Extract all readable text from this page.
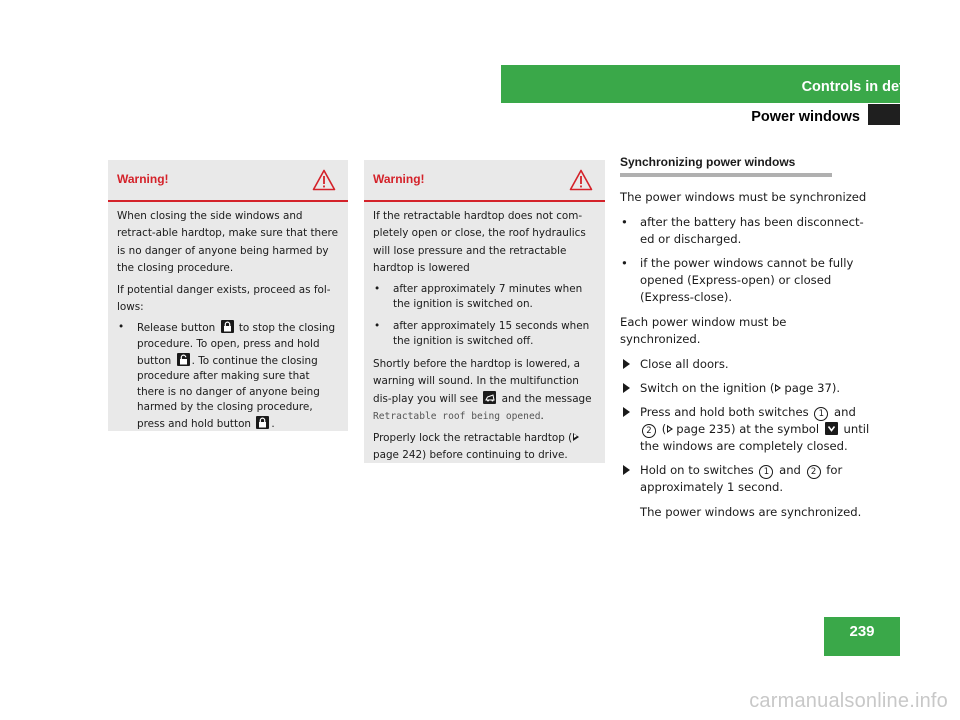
Controls in detail
Power windows
Warning!

When closing the side windows and retract-able hardtop, make sure that there is no danger of anyone being harmed by the closing procedure.

If potential danger exists, proceed as fol-lows:

• Release button to stop the closing procedure. To open, press and hold button . To continue the closing procedure after making sure that there is no danger of anyone being harmed by the closing procedure, press and hold button .
Warning!

If the retractable hardtop does not com-pletely open or close, the roof hydraulics will lose pressure and the retractable hardtop is lowered

• after approximately 7 minutes when the ignition is switched on.
• after approximately 15 seconds when the ignition is switched off.

Shortly before the hardtop is lowered, a warning will sound. In the multifunction dis-play you will see and the message Retractable roof being opened.

Properly lock the retractable hardtop (page 242) before continuing to drive.

Synchronizing power windows

The power windows must be synchronized

• after the battery has been disconnect-ed or discharged.
• if the power windows cannot be fully opened (Express-open) or closed (Express-close).

Each power window must be synchronized.

Close all doors.
Switch on the ignition ( page 37).
Press and hold both switches 1 and 2 ( page 235) at the symbol until the windows are completely closed.
Hold on to switches 1 and 2 for approximately 1 second.

The power windows are synchronized.

239
carmanualsonline.info
